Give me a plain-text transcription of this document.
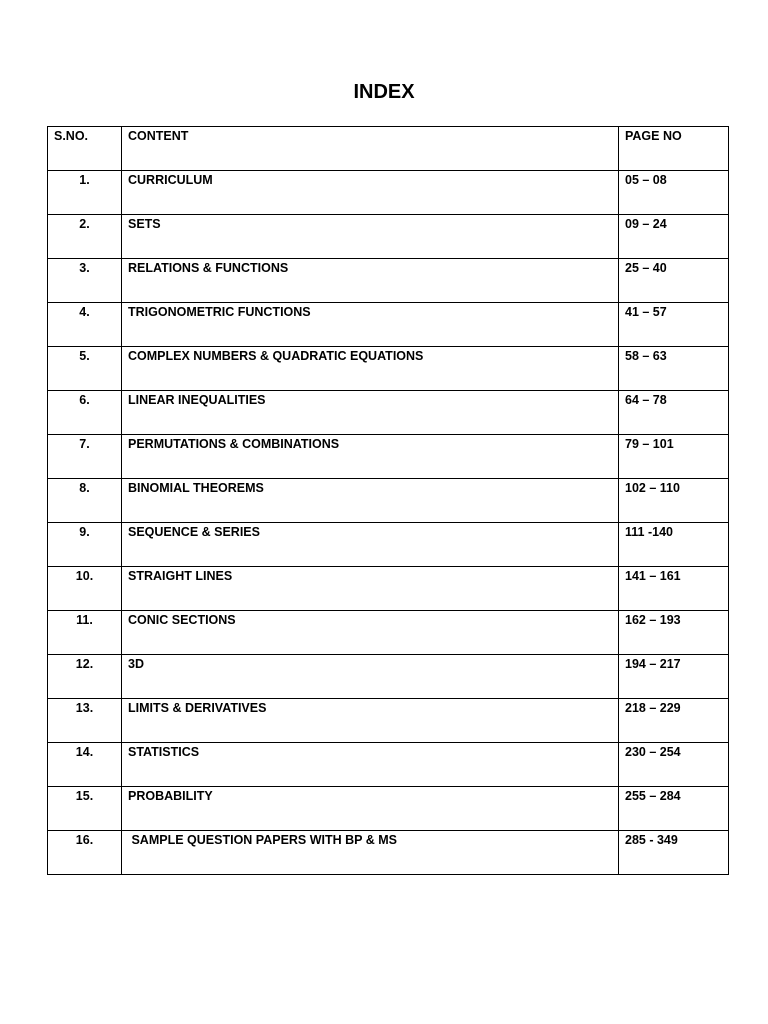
INDEX
S.NO.	CONTENT	PAGE NO

1.	CURRICULUM	05 – 08

2.	SETS	09 – 24

3.	RELATIONS & FUNCTIONS	25 – 40

4.	TRIGONOMETRIC FUNCTIONS	41 – 57

5.	COMPLEX NUMBERS & QUADRATIC EQUATIONS	58 – 63

6.	LINEAR INEQUALITIES	64 – 78

7.	PERMUTATIONS & COMBINATIONS	79 – 101

8.	BINOMIAL THEOREMS	102 – 110

9.	SEQUENCE & SERIES	111 -140

10.	STRAIGHT LINES	141 – 161

11.	CONIC SECTIONS	162 – 193

12.	3D	194 – 217

13.	LIMITS & DERIVATIVES	218 – 229

14.	STATISTICS	230 – 254

15.	PROBABILITY	255 – 284

16.	SAMPLE QUESTION PAPERS WITH BP & MS	285 - 349
